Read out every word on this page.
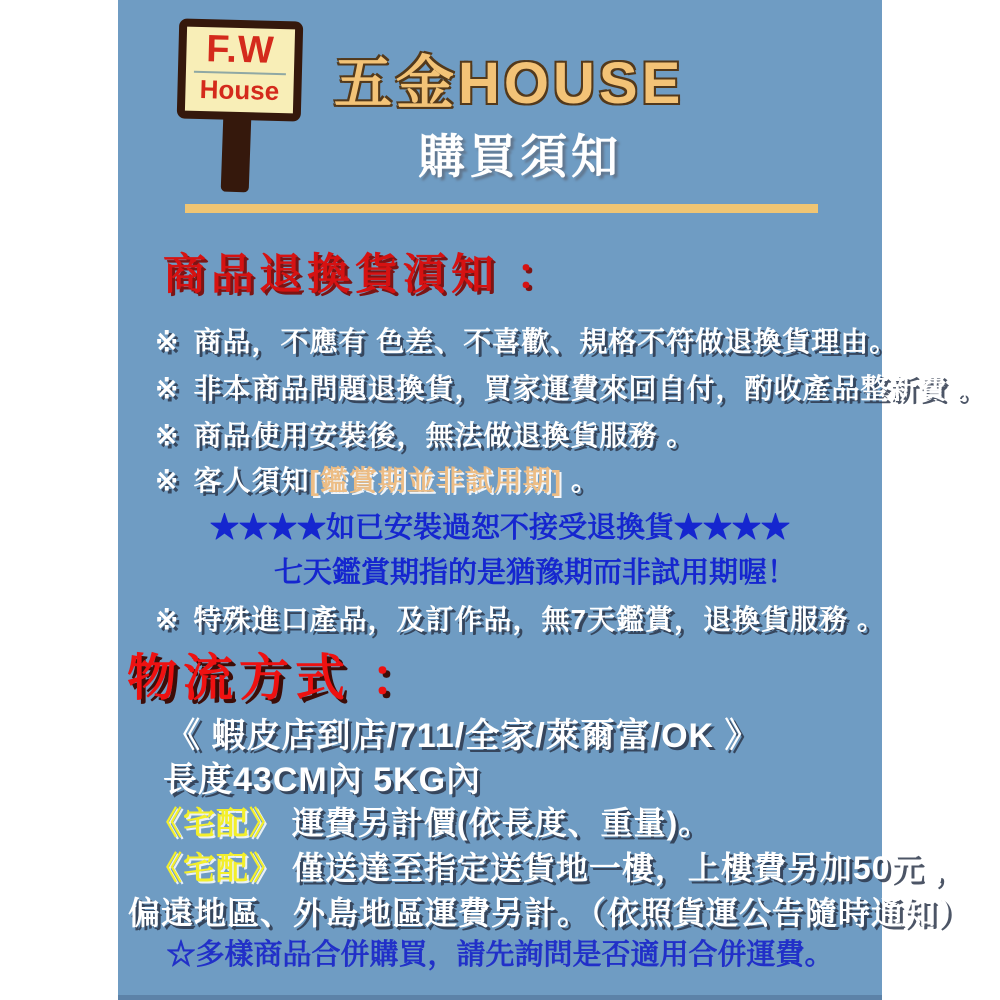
F.W
House 五金HOUSE
購買須知
商品退換貨湏知 ：
※ 商品，不應有 色差、不喜歡、規格不符做退換貨理由。
※ 非本商品問題退換貨，買家運費來回自付，酌收產品整新費 。
※ 商品使用安裝後，無法做退換貨服務 。
※ 客人須知[鑑賞期並非試用期] 。
★★★★如已安裝過恕不接受退換貨★★★★
七天鑑賞期指的是猶豫期而非試用期喔！
※ 特殊進口產品，及訂作品，無7天鑑賞，退換貨服務 。
物流方式 ：
《 蝦皮店到店/711/全家/萊爾富/OK 》
長度43CM內 5KG內
《宅配》 運費另計價(依長度、重量)。
《宅配》 僅送達至指定送貨地一樓，上樓費另加50元 ，
偏遠地區、外島地區運費另計。（依照貨運公告隨時通知）
☆多樣商品合併購買，請先詢問是否適用合併運費。
